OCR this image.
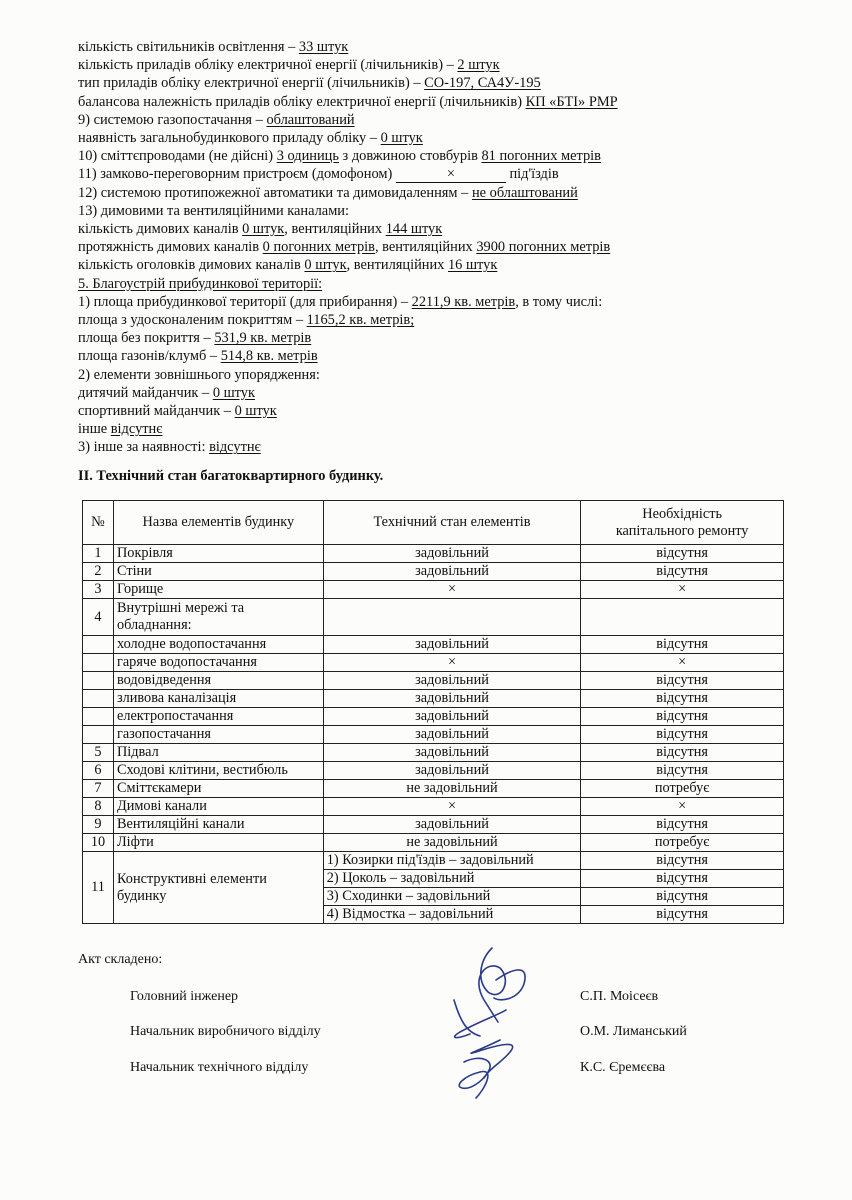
кількість світильників освітлення – 33 штук
кількість приладів обліку електричної енергії (лічильників) – 2 штук
тип приладів обліку електричної енергії (лічильників) – СО-197, СА4У-195
балансова належність приладів обліку електричної енергії (лічильників) КП «БТІ» РМР
9) системою газопостачання – облаштований
наявність загальнобудинкового приладу обліку – 0 штук
10) сміттєпроводами (не дійсні) 3 одиниць з довжиною стовбурів 81 погонних метрів
11) замково-переговорним пристроєм (домофоном)	×	під'їздів
12) системою протипожежної автоматики та димовидаленням – не облаштований
13) димовими та вентиляційними каналами:
кількість димових каналів 0 штук, вентиляційних 144 штук
протяжність димових каналів 0 погонних метрів, вентиляційних 3900 погонних метрів
кількість оголовків димових каналів 0 штук, вентиляційних 16 штук
5. Благоустрій прибудинкової території:
1) площа прибудинкової території (для прибирання) – 2211,9 кв. метрів, в тому числі:
площа з удосконаленим покриттям – 1165,2 кв. метрів;
площа без покриття – 531,9 кв. метрів
площа газонів/клумб – 514,8 кв. метрів
2) елементи зовнішнього упорядження:
дитячий майданчик – 0 штук
спортивний майданчик – 0 штук
інше відсутнє
3) інше за наявності: відсутнє
ІІ. Технічний стан багатоквартирного будинку.
№	Назва елементів будинку	Технічний стан елементів	Необхідність
капітального ремонту
1	Покрівля	задовільний	відсутня
2	Стіни	задовільний	відсутня
3	Горище	×	×
4	Внутрішні мережі та обладнання:		
	холодне водопостачання	задовільний	відсутня
	гаряче водопостачання	×	×
	водовідведення	задовільний	відсутня
	зливова каналізація	задовільний	відсутня
	електропостачання	задовільний	відсутня
	газопостачання	задовільний	відсутня
5	Підвал	задовільний	відсутня
6	Сходові клітини, вестибюль	задовільний	відсутня
7	Сміттєкамери	не задовільний	потребує
8	Димові канали	×	×
9	Вентиляційні канали	задовільний	відсутня
10	Ліфти	не задовільний	потребує
11	Конструктивні елементи будинку	1) Козирки під'їздів – задовільний	відсутня
		2) Цоколь – задовільний	відсутня
		3) Сходинки – задовільний	відсутня
		4) Відмостка – задовільний	відсутня
Акт складено:
Головний інженер	С.П. Моісеєв
Начальник виробничого відділу	О.М. Лиманський
Начальник технічного відділу	К.С. Єремєєва
